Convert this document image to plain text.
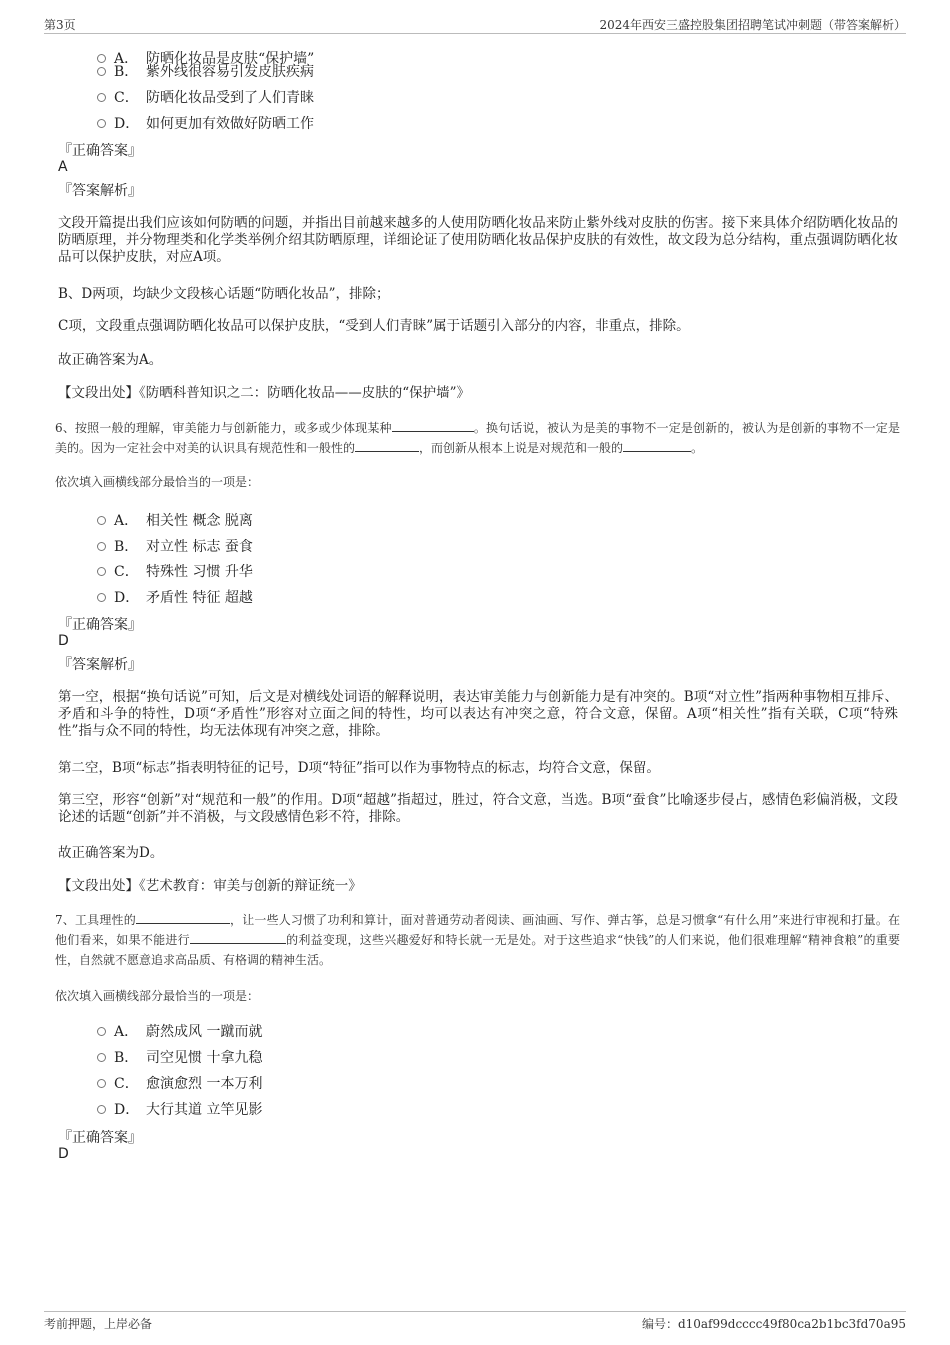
第3页	2024年西安三盛控股集团招聘笔试冲刺题（带答案解析）
A． 防晒化妆品是皮肤“保护墙”
B． 紫外线很容易引发皮肤疾病
C． 防晒化妆品受到了人们青睐
D． 如何更加有效做好防晒工作
『正确答案』
A
『答案解析』
文段开篇提出我们应该如何防晒的问题，并指出目前越来越多的人使用防晒化妆品来防止紫外线对皮肤的伤害。接下来具体介绍防晒化妆品的防晒原理，并分物理类和化学类举例介绍其防晒原理，详细论证了使用防晒化妆品保护皮肤的有效性，故文段为总分结构，重点强调防晒化妆品可以保护皮肤，对应A项。
B、D两项，均缺少文段核心话题“防晒化妆品”，排除；
C项，文段重点强调防晒化妆品可以保护皮肤，“受到人们青睐”属于话题引入部分的内容，非重点，排除。
故正确答案为A。
【文段出处】《防晒科普知识之二：防晒化妆品——皮肤的“保护墙”》
6、按照一般的理解，审美能力与创新能力，或多或少体现某种	。换句话说，被认为是美的事物不一定是创新的，被认为是创新的事物不一定是美的。因为一定社会中对美的认识具有规范性和一般性的	，而创新从根本上说是对规范和一般的	。
依次填入画横线部分最恰当的一项是：
A． 相关性 概念 脱离
B． 对立性 标志 蚕食
C． 特殊性 习惯 升华
D． 矛盾性 特征 超越
『正确答案』
D
『答案解析』
第一空，根据“换句话说”可知，后文是对横线处词语的解释说明，表达审美能力与创新能力是有冲突的。B项“对立性”指两种事物相互排斥、矛盾和斗争的特性，D项“矛盾性”形容对立面之间的特性，均可以表达有冲突之意，符合文意，保留。A项“相关性”指有关联，C项“特殊性”指与众不同的特性，均无法体现有冲突之意，排除。
第二空，B项“标志”指表明特征的记号，D项“特征”指可以作为事物特点的标志，均符合文意，保留。
第三空，形容“创新”对“规范和一般”的作用。D项“超越”指超过，胜过，符合文意，当选。B项“蚕食”比喻逐步侵占，感情色彩偏消极，文段论述的话题“创新”并不消极，与文段感情色彩不符，排除。
故正确答案为D。
【文段出处】《艺术教育：审美与创新的辩证统一》
7、工具理性的	，让一些人习惯了功利和算计，面对普通劳动者阅读、画油画、写作、弹古筝，总是习惯拿“有什么用”来进行审视和打量。在他们看来，如果不能进行	的利益变现，这些兴趣爱好和特长就一无是处。对于这些追求“快钱”的人们来说，他们很难理解“精神食粮”的重要性，自然就不愿意追求高品质、有格调的精神生活。
依次填入画横线部分最恰当的一项是：
A． 蔚然成风 一蹴而就
B． 司空见惯 十拿九稳
C． 愈演愈烈 一本万利
D． 大行其道 立竿见影
『正确答案』
D
考前押题，上岸必备	编号：d10af99dcccc49f80ca2b1bc3fd70a95
